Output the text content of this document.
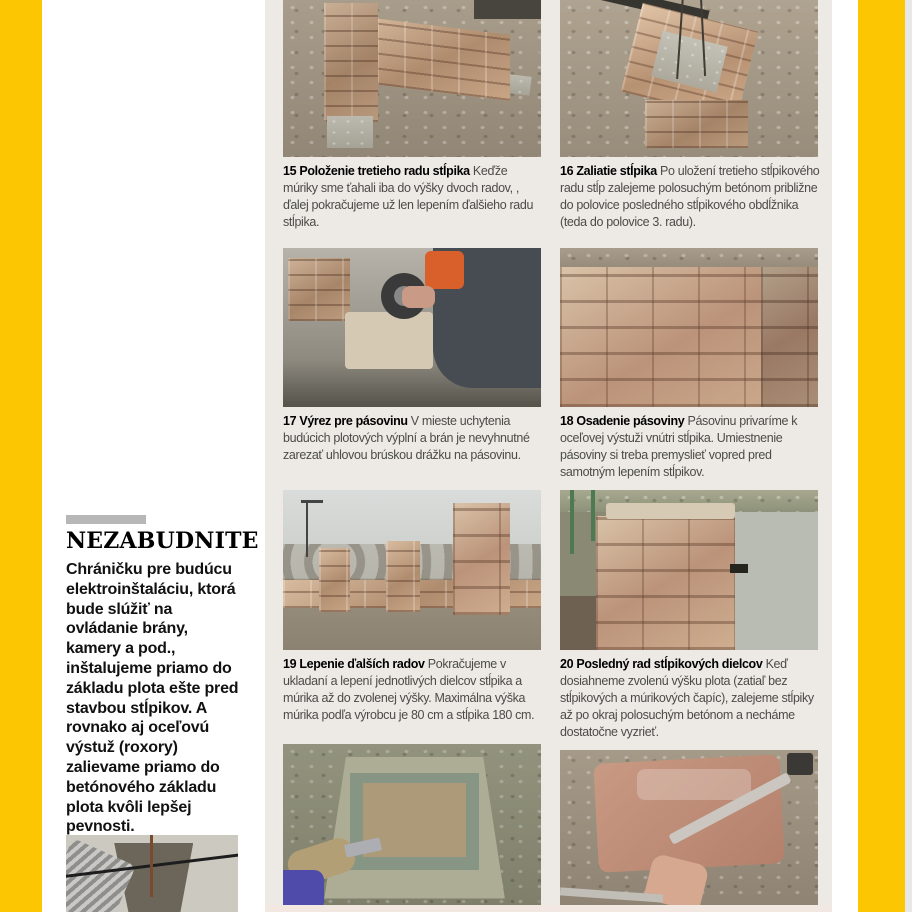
15 Položenie tretieho radu stĺpika Keďže múriky sme ťahali iba do výšky dvoch radov, , ďalej pokračujeme už len lepením ďalšieho radu stĺpika.
16 Zaliatie stĺpika Po uložení tretieho stĺpikového radu stĺp zalejeme polosuchým betónom približne do polovice posledného stĺpikového obdĺžnika (teda do polovice 3. radu).
17 Výrez pre pásovinu V mieste uchytenia budúcich plotových výplní a brán je nevyhnutné zarezať uhlovou brúskou drážku na pásovinu.
18 Osadenie pásoviny Pásovinu privaríme k oceľovej výstuži vnútri stĺpika. Umiestnenie pásoviny si treba premyslieť vopred pred samotným lepením stĺpikov.
19 Lepenie ďalších radov Pokračujeme v ukladaní a lepení jednotlivých dielcov stĺpika a múrika až do zvolenej výšky. Maximálna výška múrika podľa výrobcu je 80 cm a stĺpika 180 cm.
20 Posledný rad stĺpikových dielcov Keď dosiahneme zvolenú výšku plota (zatiaľ bez stĺpikových a múrikových čapíc), zalejeme stĺpiky až po okraj polosuchým betónom a necháme dostatočne vyzrieť.
NEZABUDNITE
Chráničku pre budúcu elektroinštaláciu, ktorá bude slúžiť na ovládanie brány, kamery a pod., inštalujeme priamo do základu plota ešte pred stavbou stĺpikov. A rovnako aj oceľovú výstuž (roxory) zalievame priamo do betónového základu plota kvôli lepšej pevnosti.
